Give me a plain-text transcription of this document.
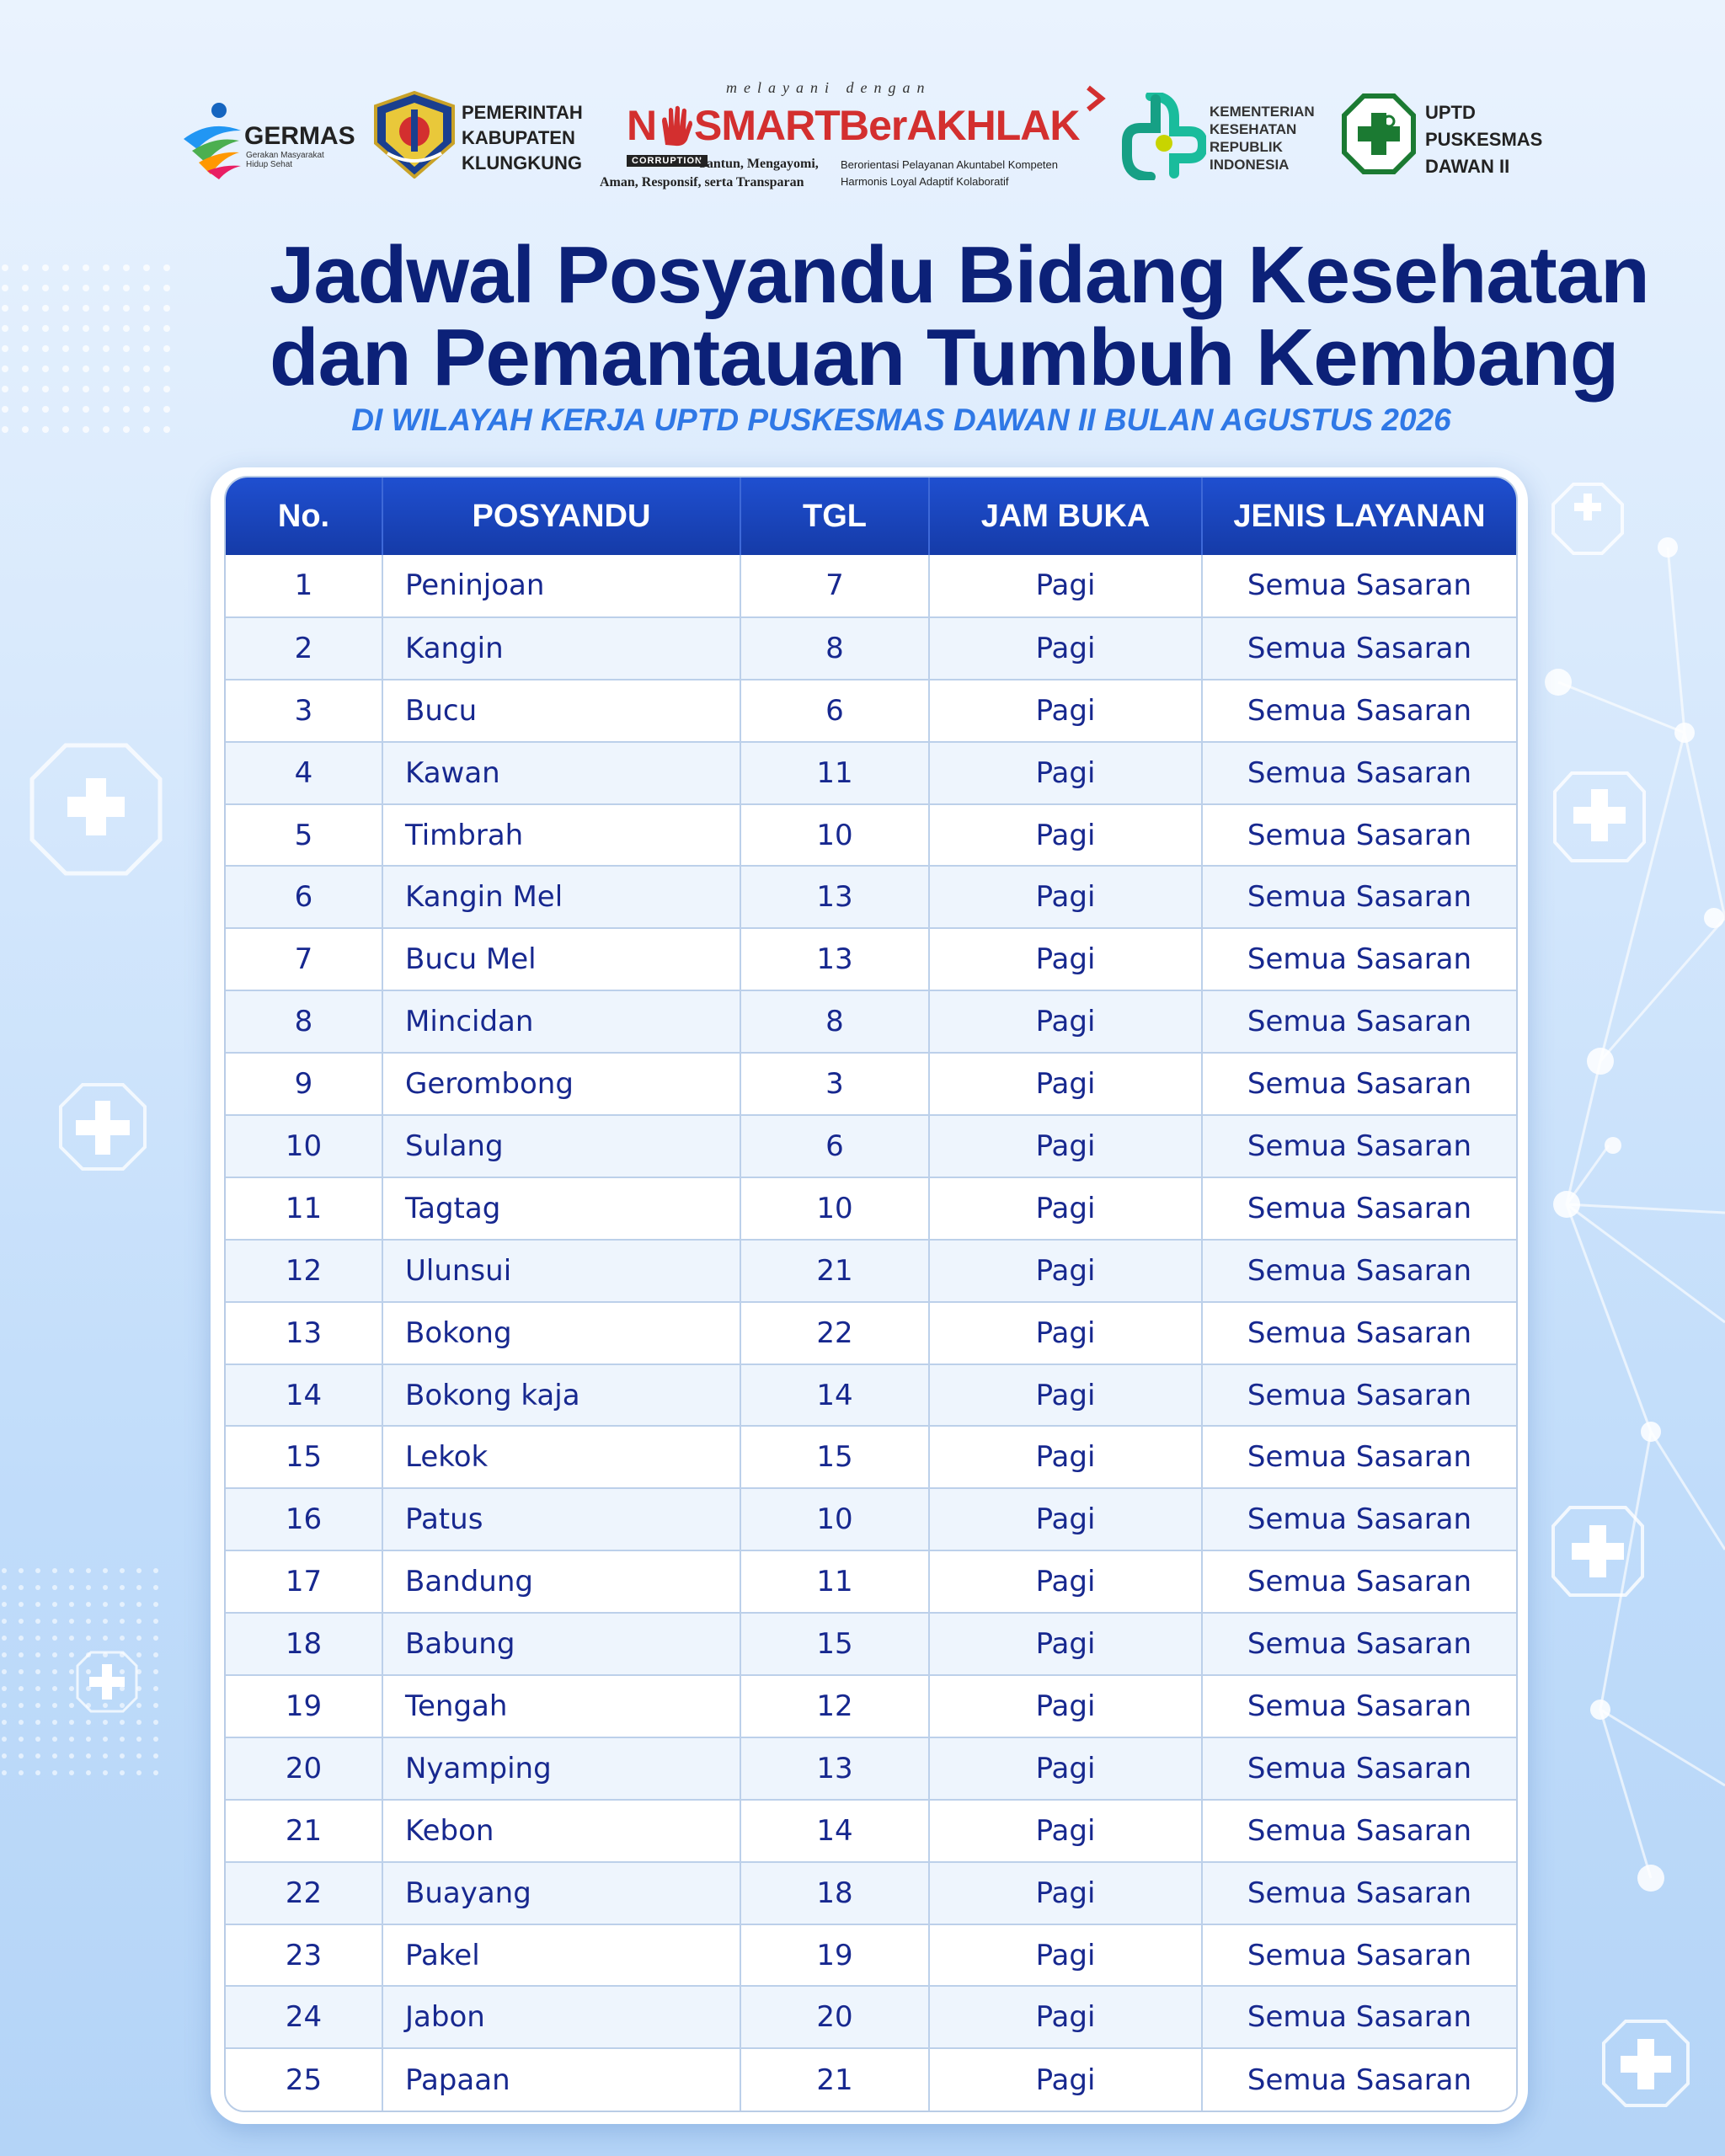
GERMAS
Gerakan Masyarakat Hidup Sehat
PEMERINTAH
KABUPATEN
KLUNGKUNG
melayani dengan
N SMART BerAKHLAK
CORRUPTION
Santun, Mengayomi, Berorientasi Pelayanan Akuntabel Kompeten
Aman, Responsif, serta Transparan	Harmonis Loyal Adaptif Kolaboratif
KEMENTERIAN
KESEHATAN
REPUBLIK
INDONESIA
UPTD
PUSKESMAS
DAWAN II
Jadwal Posyandu Bidang Kesehatan
dan Pemantauan Tumbuh Kembang
DI WILAYAH KERJA UPTD PUSKESMAS DAWAN II BULAN AGUSTUS 2026
No.	POSYANDU	TGL	JAM BUKA	JENIS LAYANAN
1	Peninjoan	7	Pagi	Semua Sasaran
2	Kangin	8	Pagi	Semua Sasaran
3	Bucu	6	Pagi	Semua Sasaran
4	Kawan	11	Pagi	Semua Sasaran
5	Timbrah	10	Pagi	Semua Sasaran
6	Kangin Mel	13	Pagi	Semua Sasaran
7	Bucu Mel	13	Pagi	Semua Sasaran
8	Mincidan	8	Pagi	Semua Sasaran
9	Gerombong	3	Pagi	Semua Sasaran
10	Sulang	6	Pagi	Semua Sasaran
11	Tagtag	10	Pagi	Semua Sasaran
12	Ulunsui	21	Pagi	Semua Sasaran
13	Bokong	22	Pagi	Semua Sasaran
14	Bokong kaja	14	Pagi	Semua Sasaran
15	Lekok	15	Pagi	Semua Sasaran
16	Patus	10	Pagi	Semua Sasaran
17	Bandung	11	Pagi	Semua Sasaran
18	Babung	15	Pagi	Semua Sasaran
19	Tengah	12	Pagi	Semua Sasaran
20	Nyamping	13	Pagi	Semua Sasaran
21	Kebon	14	Pagi	Semua Sasaran
22	Buayang	18	Pagi	Semua Sasaran
23	Pakel	19	Pagi	Semua Sasaran
24	Jabon	20	Pagi	Semua Sasaran
25	Papaan	21	Pagi	Semua Sasaran
